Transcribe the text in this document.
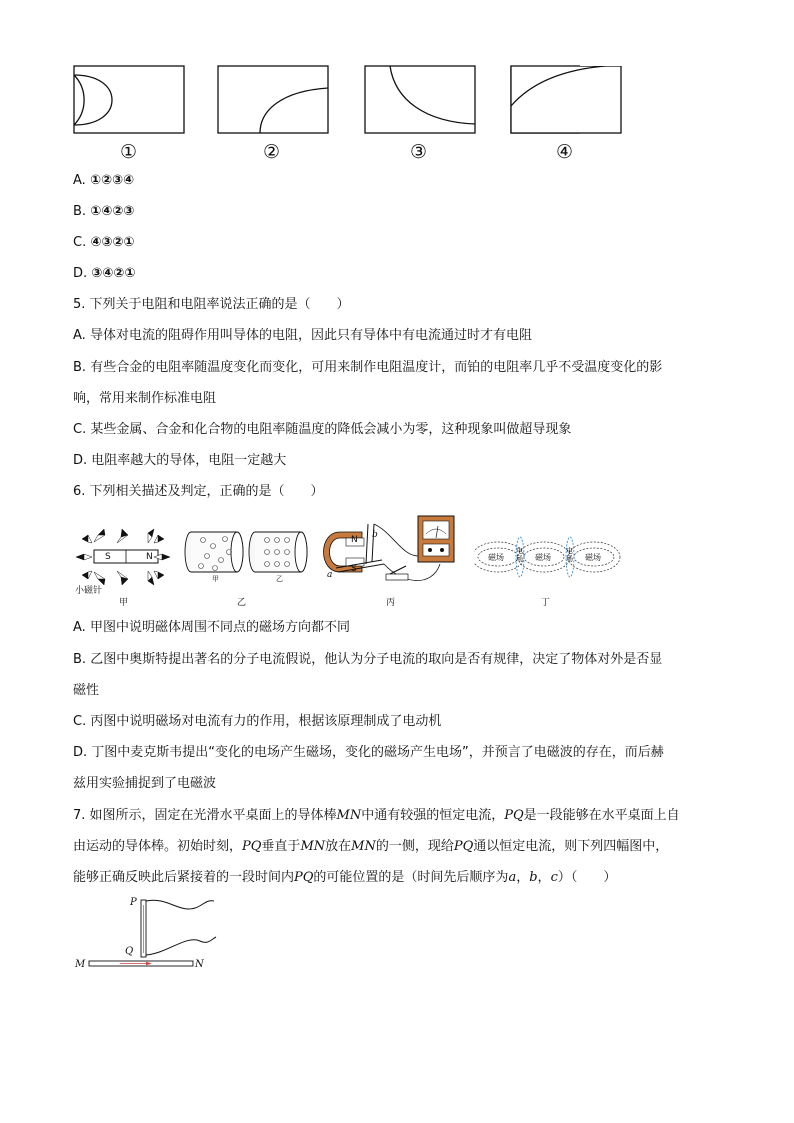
①	②	③	④
A. ①②③④
B. ①④②③
C. ④③②①
D. ③④②①
5. 下列关于电阻和电阻率说法正确的是（　　）
A. 导体对电流的阻碍作用叫导体的电阻，因此只有导体中有电流通过时才有电阻
B. 有些合金的电阻率随温度变化而变化，可用来制作电阻温度计，而铂的电阻率几乎不受温度变化的影
响，常用来制作标准电阻
C. 某些金属、合金和化合物的电阻率随温度的降低会减小为零，这种现象叫做超导现象
D. 电阻率越大的导体，电阻一定越大
6. 下列相关描述及判定，正确的是（　　）
S	N
小磁针
甲
甲	乙
乙
N
S
a
b
丙
磁场
电场	磁场
电场	磁场
丁
A. 甲图中说明磁体周围不同点的磁场方向都不同
B. 乙图中奥斯特提出著名的分子电流假说，他认为分子电流的取向是否有规律，决定了物体对外是否显
磁性
C. 丙图中说明磁场对电流有力的作用，根据该原理制成了电动机
D. 丁图中麦克斯韦提出“变化的电场产生磁场，变化的磁场产生电场”，并预言了电磁波的存在，而后赫
兹用实验捕捉到了电磁波
7. 如图所示，固定在光滑水平桌面上的导体棒MN中通有较强的恒定电流，PQ是一段能够在水平桌面上自
由运动的导体棒。初始时刻，PQ垂直于MN放在MN的一侧，现给PQ通以恒定电流，则下列四幅图中，
能够正确反映此后紧接着的一段时间内PQ的可能位置的是（时间先后顺序为a，b，c）（　　）
P
Q
M	N
